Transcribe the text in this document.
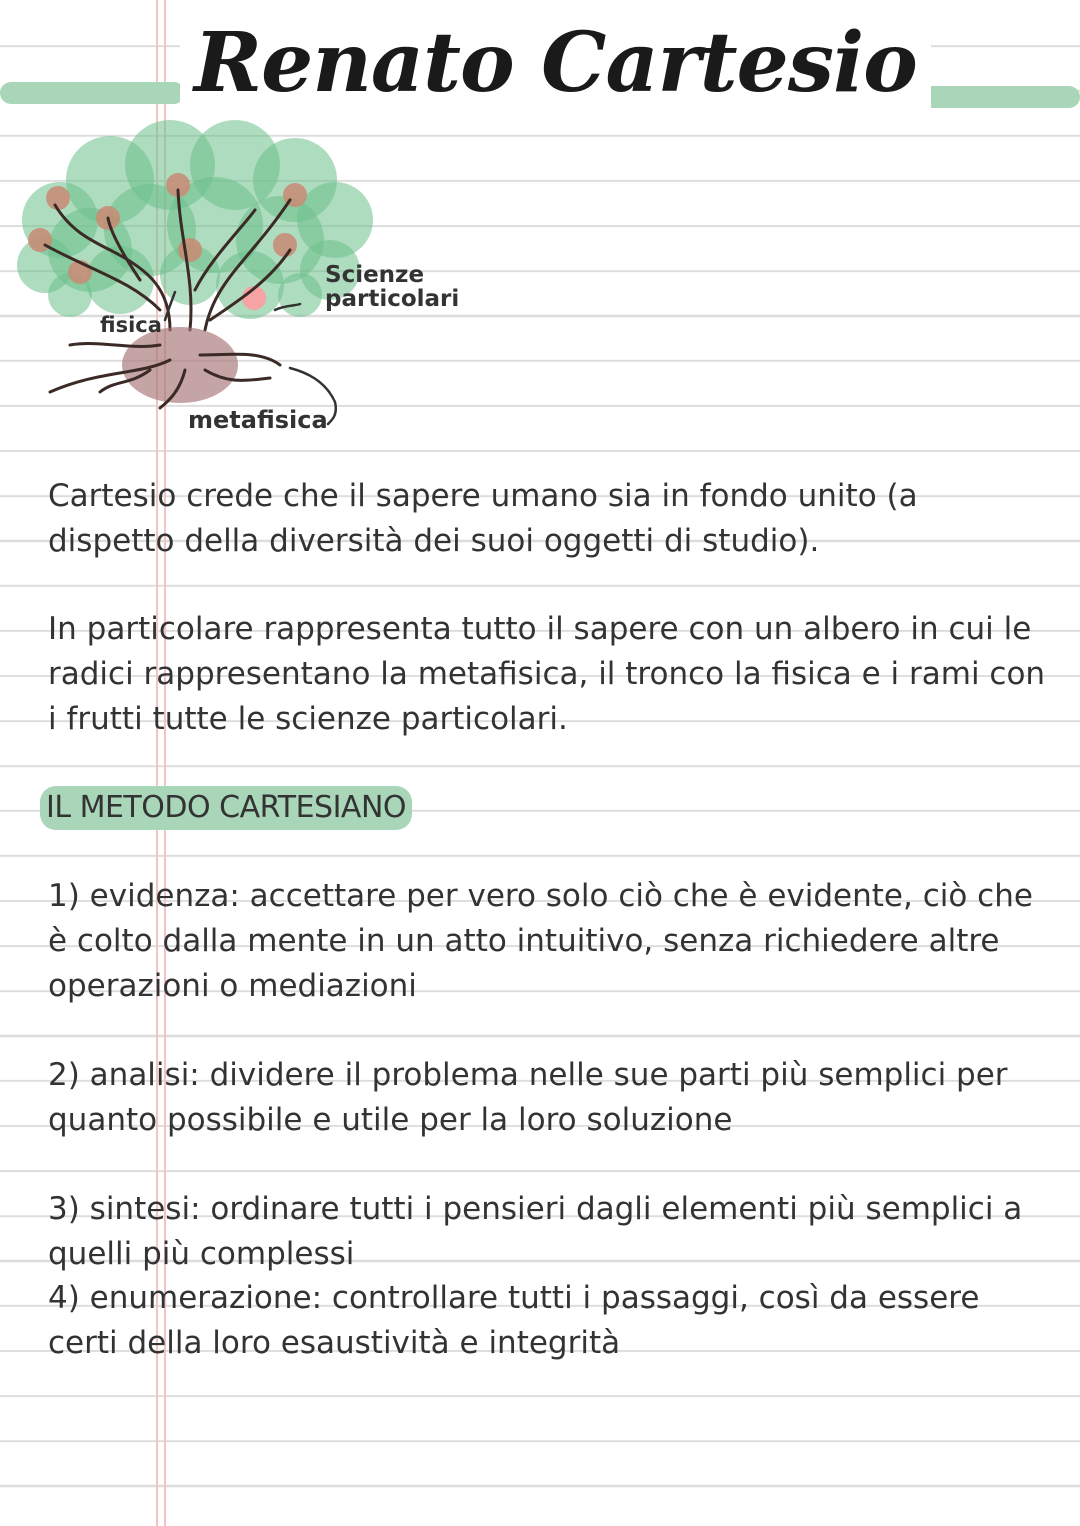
Renato Cartesio
Scienze
particolari
fisica
metafisica

Cartesio crede che il sapere umano sia in fondo unito (a dispetto della diversità dei suoi oggetti di studio).

In particolare rappresenta tutto il sapere con un albero in cui le radici rappresentano la metafisica, il tronco la fisica e i rami con i frutti tutte le scienze particolari.

IL METODO CARTESIANO

1) evidenza: accettare per vero solo ciò che è evidente, ciò che è colto dalla mente in un atto intuitivo, senza richiedere altre operazioni o mediazioni

2) analisi: dividere il problema nelle sue parti più semplici per quanto possibile e utile per la loro soluzione

3) sintesi: ordinare tutti i pensieri dagli elementi più semplici a quelli più complessi

4) enumerazione: controllare tutti i passaggi, così da essere certi della loro esaustività e integrità
